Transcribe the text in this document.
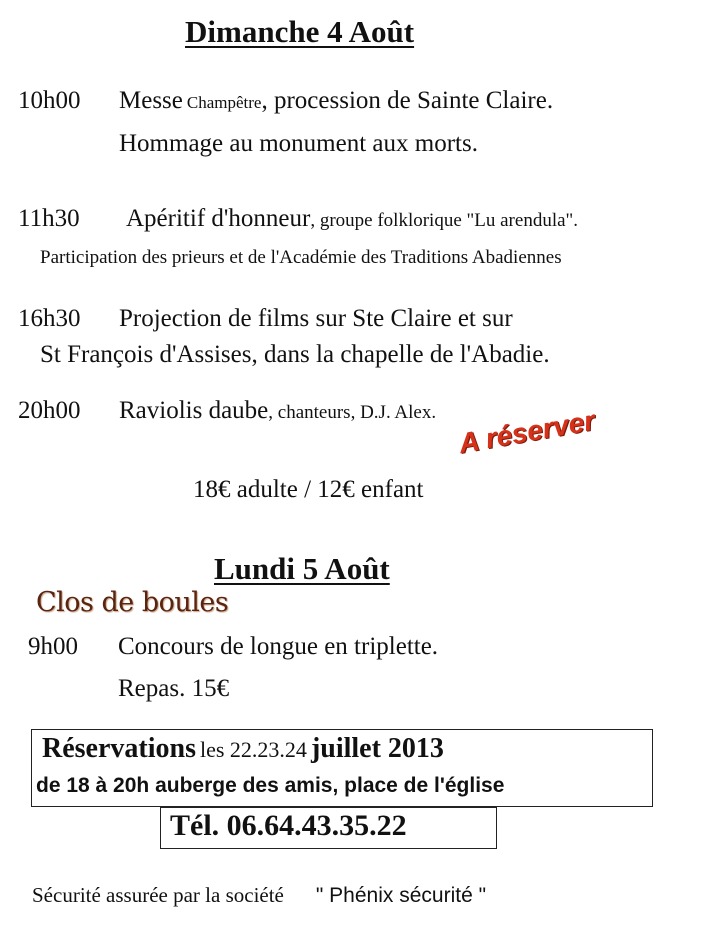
Dimanche 4 Août
10h00 Messe Champêtre, procession de Sainte Claire.
Hommage au monument aux morts.
11h30 Apéritif d'honneur, groupe folklorique "Lu arendula".
Participation des prieurs et de l'Académie des Traditions Abadiennes
16h30 Projection de films sur Ste Claire et sur
St François d'Assises, dans la chapelle de l'Abadie.
20h00 Raviolis daube, chanteurs, D.J. Alex. A réserver
18€ adulte / 12€ enfant
Lundi 5 Août
Clos de boules
9h00 Concours de longue en triplette.
Repas. 15€
Réservations les 22.23.24 juillet 2013
de 18 à 20h auberge des amis, place de l'église
Tél. 06.64.43.35.22
Sécurité assurée par la société " Phénix sécurité "
